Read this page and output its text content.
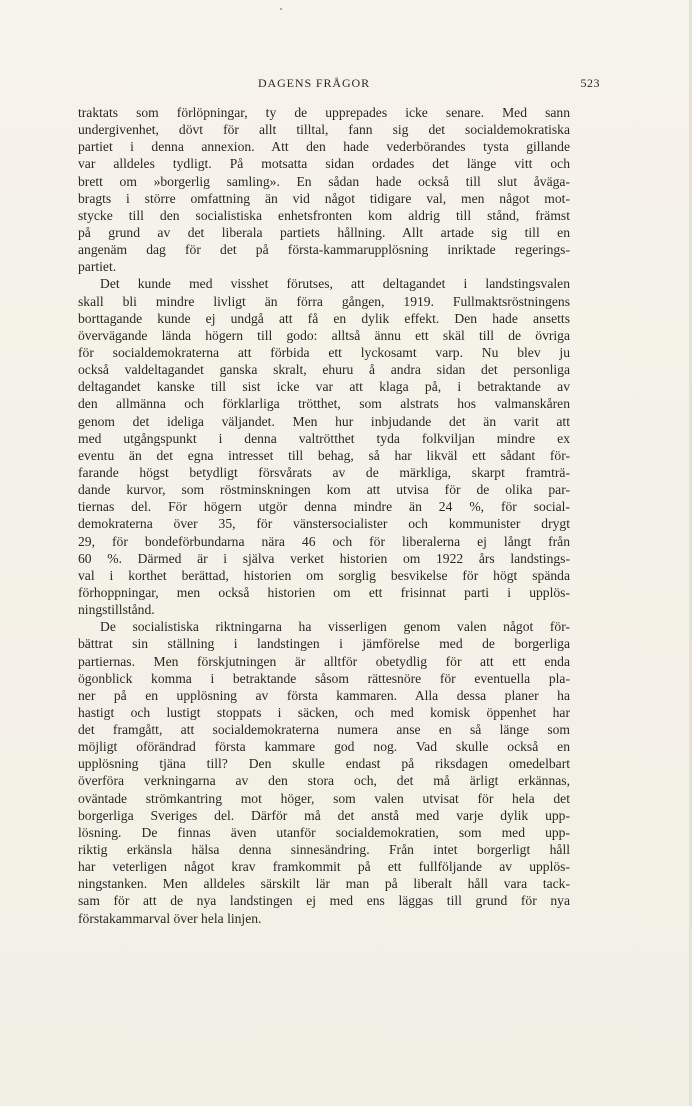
DAGENS FRÅGOR	523
traktats som förlöpningar, ty de upprepades icke senare. Med sann
undergivenhet, dövt för allt tilltal, fann sig det socialdemokratiska
partiet i denna annexion. Att den hade vederbörandes tysta gillande
var alldeles tydligt. På motsatta sidan ordades det länge vitt och
brett om »borgerlig samling». En sådan hade också till slut åväga-
bragts i större omfattning än vid något tidigare val, men något mot-
stycke till den socialistiska enhetsfronten kom aldrig till stånd, främst
på grund av det liberala partiets hållning. Allt artade sig till en
angenäm dag för det på första-kammarupplösning inriktade regerings-
partiet.
Det kunde med visshet förutses, att deltagandet i landstingsvalen
skall bli mindre livligt än förra gången, 1919. Fullmaktsröstningens
borttagande kunde ej undgå att få en dylik effekt. Den hade ansetts
övervägande lända högern till godo: alltså ännu ett skäl till de övriga
för socialdemokraterna att förbida ett lyckosamt varp. Nu blev ju
också valdeltagandet ganska skralt, ehuru å andra sidan det personliga
deltagandet kanske till sist icke var att klaga på, i betraktande av
den allmänna och förklarliga trötthet, som alstrats hos valmanskåren
genom det ideliga väljandet. Men hur inbjudande det än varit att
med utgångspunkt i denna valtrötthet tyda folkviljan mindre ex
eventu än det egna intresset till behag, så har likväl ett sådant för-
farande högst betydligt försvårats av de märkliga, skarpt framträ-
dande kurvor, som röstminskningen kom att utvisa för de olika par-
tiernas del. För högern utgör denna mindre än 24 %, för social-
demokraterna över 35, för vänstersocialister och kommunister drygt
29, för bondeförbundarna nära 46 och för liberalerna ej långt från
60 %. Därmed är i själva verket historien om 1922 års landstings-
val i korthet berättad, historien om sorglig besvikelse för högt spända
förhoppningar, men också historien om ett frisinnat parti i upplös-
ningstillstånd.
De socialistiska riktningarna ha visserligen genom valen något för-
bättrat sin ställning i landstingen i jämförelse med de borgerliga
partiernas. Men förskjutningen är alltför obetydlig för att ett enda
ögonblick komma i betraktande såsom rättesnöre för eventuella pla-
ner på en upplösning av första kammaren. Alla dessa planer ha
hastigt och lustigt stoppats i säcken, och med komisk öppenhet har
det framgått, att socialdemokraterna numera anse en så länge som
möjligt oförändrad första kammare god nog. Vad skulle också en
upplösning tjäna till? Den skulle endast på riksdagen omedelbart
överföra verkningarna av den stora och, det må ärligt erkännas,
oväntade strömkantring mot höger, som valen utvisat för hela det
borgerliga Sveriges del. Därför må det anstå med varje dylik upp-
lösning. De finnas även utanför socialdemokratien, som med upp-
riktig erkänsla hälsa denna sinnesändring. Från intet borgerligt håll
har veterligen något krav framkommit på ett fullföljande av upplös-
ningstanken. Men alldeles särskilt lär man på liberalt håll vara tack-
sam för att de nya landstingen ej med ens läggas till grund för nya
förstakammarval över hela linjen.
